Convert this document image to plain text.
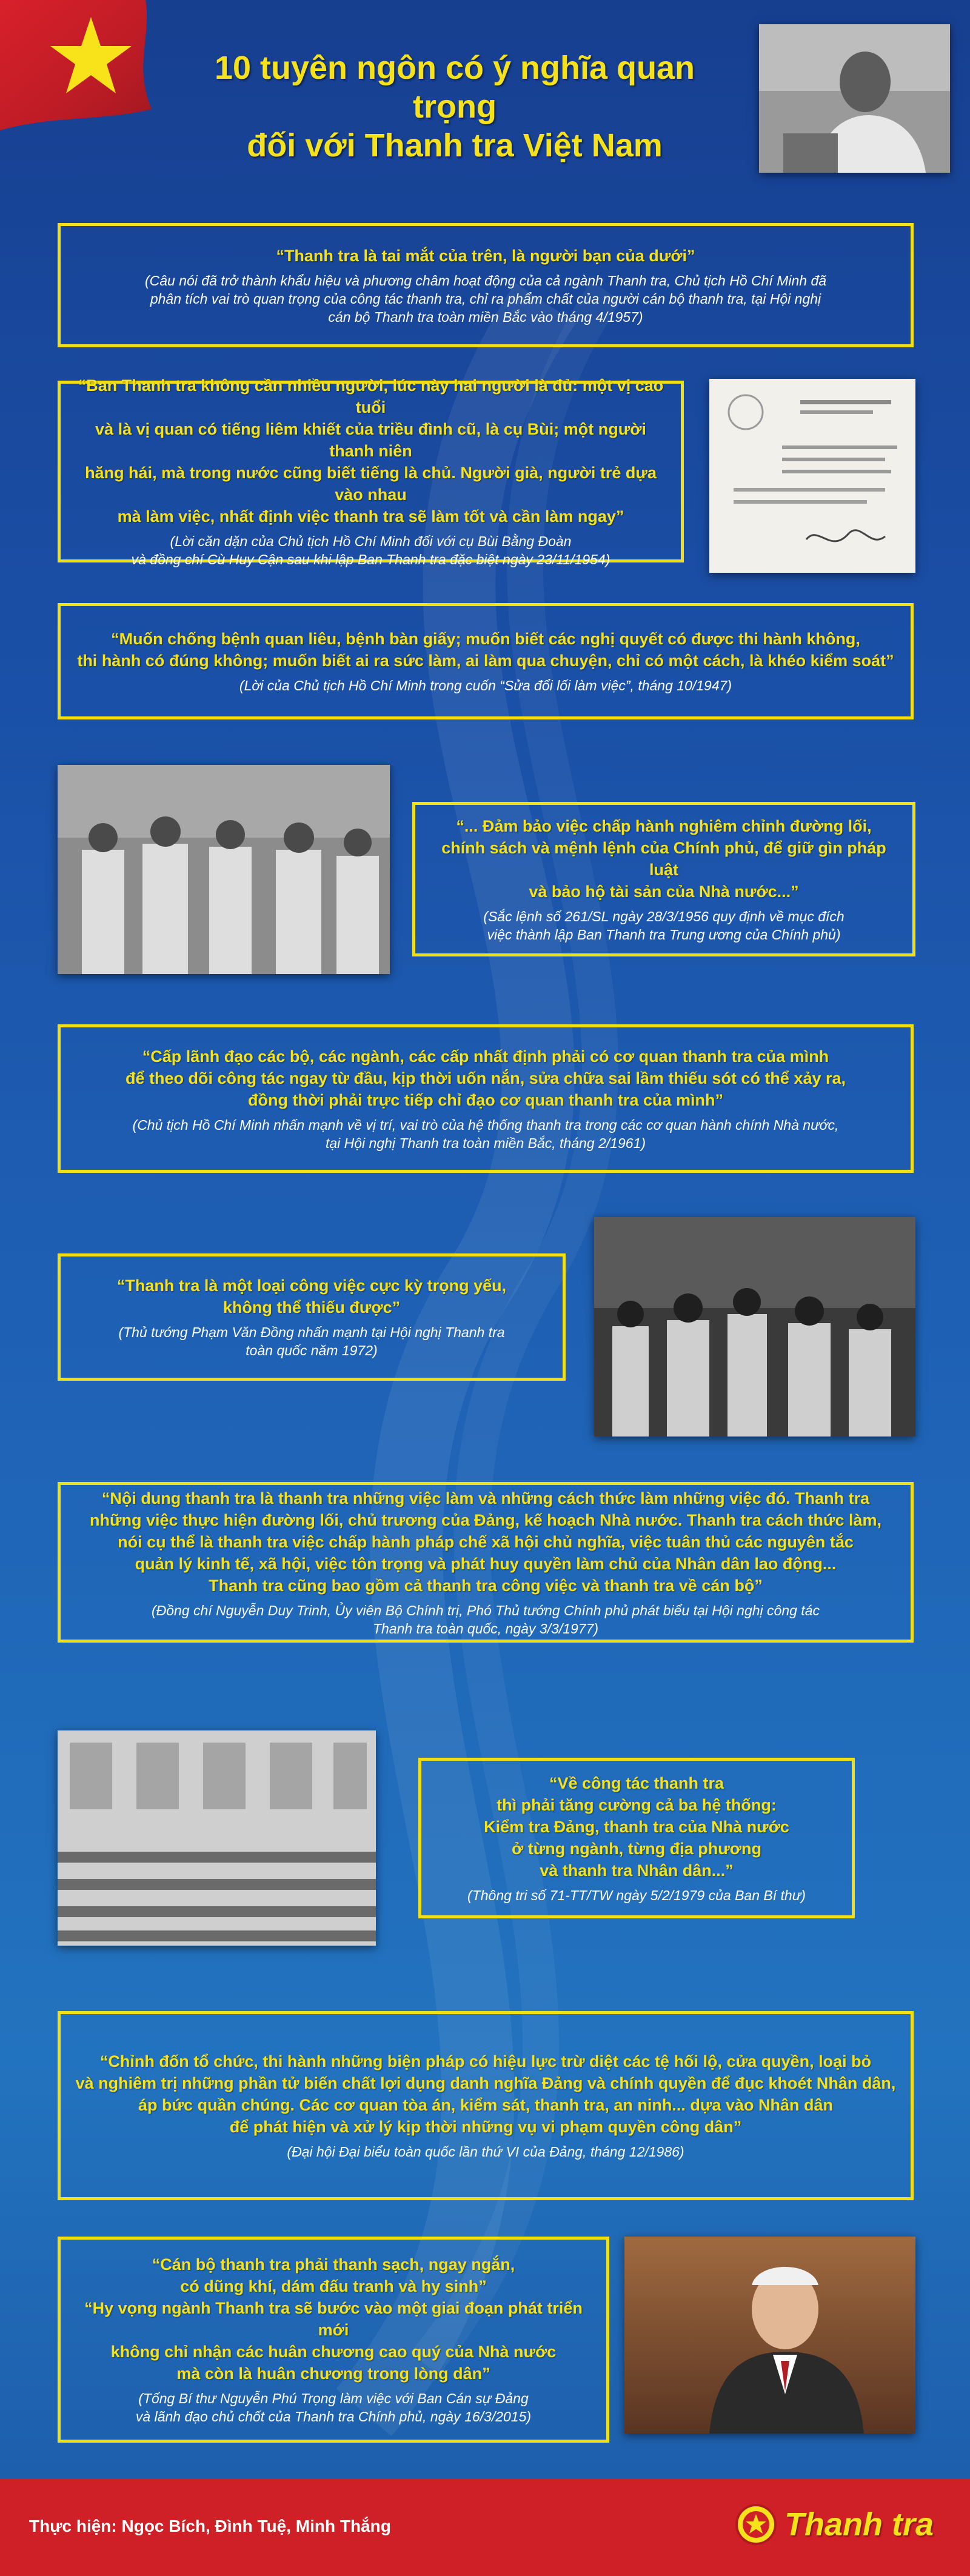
10 tuyên ngôn có ý nghĩa quan trọng
đối với Thanh tra Việt Nam
“Thanh tra là tai mắt của trên, là người bạn của dưới”
(Câu nói đã trở thành khẩu hiệu và phương châm hoạt động của cả ngành Thanh tra, Chủ tịch Hồ Chí Minh đã
phân tích vai trò quan trọng của công tác thanh tra, chỉ ra phẩm chất của người cán bộ thanh tra, tại Hội nghị
cán bộ Thanh tra toàn miền Bắc vào tháng 4/1957)
“Ban Thanh tra không cần nhiều người, lúc này hai người là đủ: một vị cao tuổi
và là vị quan có tiếng liêm khiết của triều đình cũ, là cụ Bùi; một người thanh niên
hăng hái, mà trong nước cũng biết tiếng là chủ. Người già, người trẻ dựa vào nhau
mà làm việc, nhất định việc thanh tra sẽ làm tốt và cần làm ngay”
(Lời căn dặn của Chủ tịch Hồ Chí Minh đối với cụ Bùi Bằng Đoàn
và đồng chí Cù Huy Cận sau khi lập Ban Thanh tra đặc biệt ngày 23/11/1954)
“Muốn chống bệnh quan liêu, bệnh bàn giấy; muốn biết các nghị quyết có được thi hành không,
thi hành có đúng không; muốn biết ai ra sức làm, ai làm qua chuyện, chỉ có một cách, là khéo kiểm soát”
(Lời của Chủ tịch Hồ Chí Minh trong cuốn “Sửa đổi lối làm việc”, tháng 10/1947)
“... Đảm bảo việc chấp hành nghiêm chỉnh đường lối,
chính sách và mệnh lệnh của Chính phủ, để giữ gìn pháp luật
và bảo hộ tài sản của Nhà nước...”
(Sắc lệnh số 261/SL ngày 28/3/1956 quy định về mục đích
việc thành lập Ban Thanh tra Trung ương của Chính phủ)
“Cấp lãnh đạo các bộ, các ngành, các cấp nhất định phải có cơ quan thanh tra của mình
để theo dõi công tác ngay từ đầu, kịp thời uốn nắn, sửa chữa sai lầm thiếu sót có thể xảy ra,
đồng thời phải trực tiếp chỉ đạo cơ quan thanh tra của mình”
(Chủ tịch Hồ Chí Minh nhấn mạnh về vị trí, vai trò của hệ thống thanh tra trong các cơ quan hành chính Nhà nước,
tại Hội nghị Thanh tra toàn miền Bắc, tháng 2/1961)
“Thanh tra là một loại công việc cực kỳ trọng yếu,
không thể thiếu được”
(Thủ tướng Phạm Văn Đồng nhấn mạnh tại Hội nghị Thanh tra
toàn quốc năm 1972)
“Nội dung thanh tra là thanh tra những việc làm và những cách thức làm những việc đó. Thanh tra
những việc thực hiện đường lối, chủ trương của Đảng, kế hoạch Nhà nước. Thanh tra cách thức làm,
nói cụ thể là thanh tra việc chấp hành pháp chế xã hội chủ nghĩa, việc tuân thủ các nguyên tắc
quản lý kinh tế, xã hội, việc tôn trọng và phát huy quyền làm chủ của Nhân dân lao động...
Thanh tra cũng bao gồm cả thanh tra công việc và thanh tra về cán bộ”
(Đồng chí Nguyễn Duy Trinh, Ủy viên Bộ Chính trị, Phó Thủ tướng Chính phủ phát biểu tại Hội nghị công tác
Thanh tra toàn quốc, ngày 3/3/1977)
“Về công tác thanh tra
thì phải tăng cường cả ba hệ thống:
Kiểm tra Đảng, thanh tra của Nhà nước
ở từng ngành, từng địa phương
và thanh tra Nhân dân...”
(Thông tri số 71-TT/TW ngày 5/2/1979 của Ban Bí thư)
“Chỉnh đốn tổ chức, thi hành những biện pháp có hiệu lực trừ diệt các tệ hối lộ, cửa quyền, loại bỏ
và nghiêm trị những phần tử biến chất lợi dụng danh nghĩa Đảng và chính quyền để đục khoét Nhân dân,
áp bức quần chúng. Các cơ quan tòa án, kiểm sát, thanh tra, an ninh... dựa vào Nhân dân
để phát hiện và xử lý kịp thời những vụ vi phạm quyền công dân”
(Đại hội Đại biểu toàn quốc lần thứ VI của Đảng, tháng 12/1986)
“Cán bộ thanh tra phải thanh sạch, ngay ngắn,
có dũng khí, dám đấu tranh và hy sinh”
“Hy vọng ngành Thanh tra sẽ bước vào một giai đoạn phát triển mới
không chỉ nhận các huân chương cao quý của Nhà nước
mà còn là huân chương trong lòng dân”
(Tổng Bí thư Nguyễn Phú Trọng làm việc với Ban Cán sự Đảng
và lãnh đạo chủ chốt của Thanh tra Chính phủ, ngày 16/3/2015)
Thực hiện: Ngọc Bích, Đình Tuệ, Minh Thắng	Thanh tra
